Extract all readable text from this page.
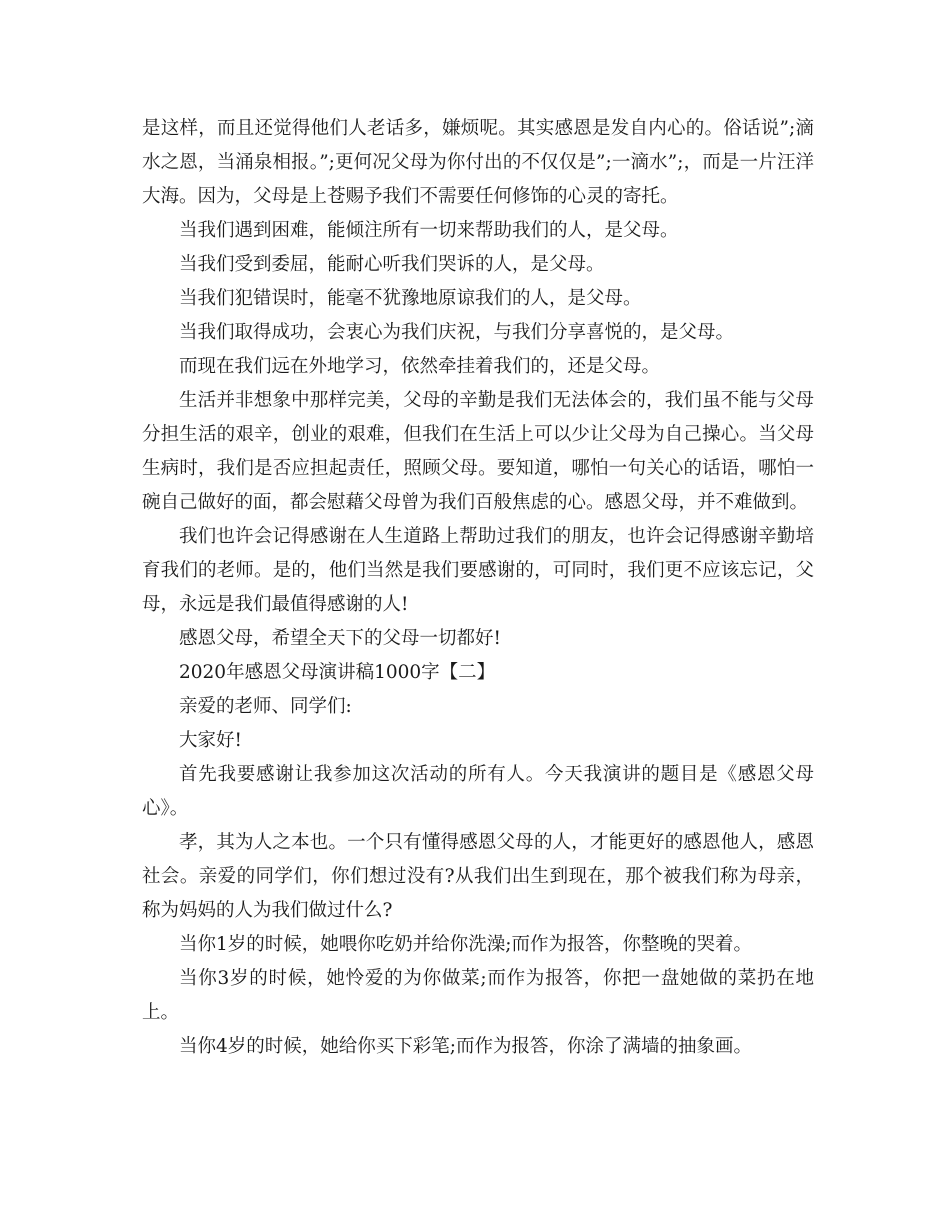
是这样，而且还觉得他们人老话多，嫌烦呢。其实感恩是发自内心的。俗话说”;滴水之恩，当涌泉相报。”;更何况父母为你付出的不仅仅是”;一滴水”;，而是一片汪洋大海。因为，父母是上苍赐予我们不需要任何修饰的心灵的寄托。

当我们遇到困难，能倾注所有一切来帮助我们的人，是父母。

当我们受到委屈，能耐心听我们哭诉的人，是父母。

当我们犯错误时，能毫不犹豫地原谅我们的人，是父母。

当我们取得成功，会衷心为我们庆祝，与我们分享喜悦的，是父母。

而现在我们远在外地学习，依然牵挂着我们的，还是父母。

生活并非想象中那样完美，父母的辛勤是我们无法体会的，我们虽不能与父母分担生活的艰辛，创业的艰难，但我们在生活上可以少让父母为自己操心。当父母生病时，我们是否应担起责任，照顾父母。要知道，哪怕一句关心的话语，哪怕一碗自己做好的面，都会慰藉父母曾为我们百般焦虑的心。感恩父母，并不难做到。

我们也许会记得感谢在人生道路上帮助过我们的朋友，也许会记得感谢辛勤培育我们的老师。是的，他们当然是我们要感谢的，可同时，我们更不应该忘记，父母，永远是我们最值得感谢的人!

感恩父母，希望全天下的父母一切都好!

2020年感恩父母演讲稿1000字【二】

亲爱的老师、同学们:

大家好!

首先我要感谢让我参加这次活动的所有人。今天我演讲的题目是《感恩父母心》。

孝，其为人之本也。一个只有懂得感恩父母的人，才能更好的感恩他人，感恩社会。亲爱的同学们，你们想过没有?从我们出生到现在，那个被我们称为母亲，称为妈妈的人为我们做过什么?

当你1岁的时候，她喂你吃奶并给你洗澡;而作为报答，你整晚的哭着。

当你3岁的时候，她怜爱的为你做菜;而作为报答，你把一盘她做的菜扔在地上。

当你4岁的时候，她给你买下彩笔;而作为报答，你涂了满墙的抽象画。
